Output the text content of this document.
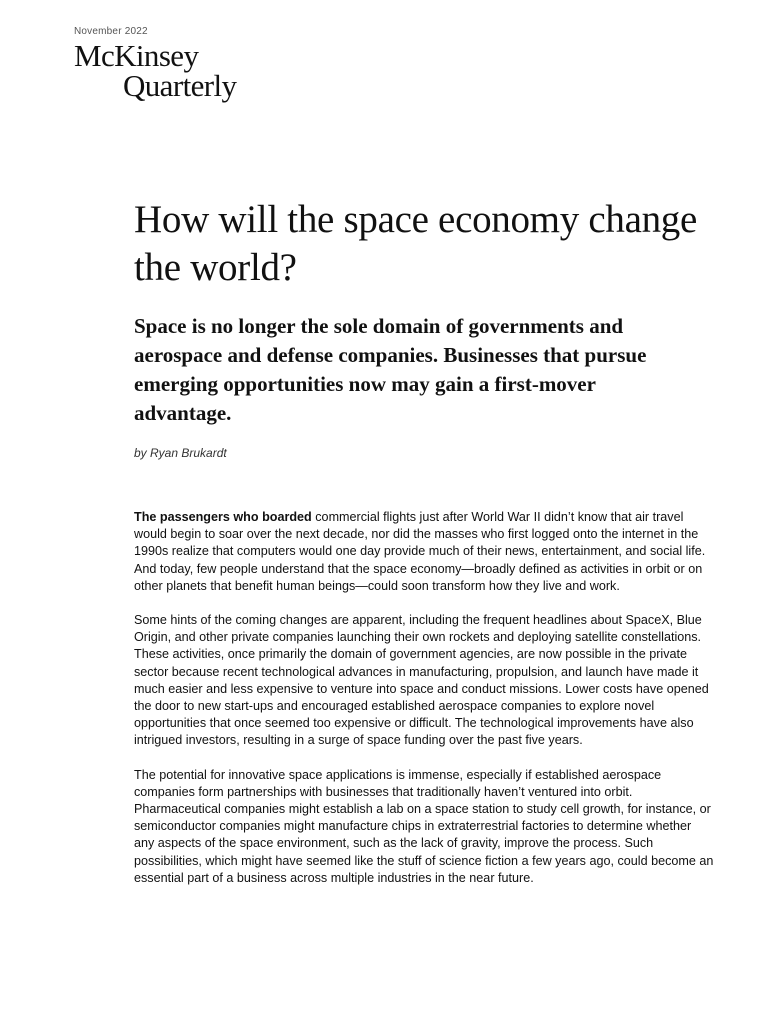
November 2022
McKinsey
Quarterly
How will the space economy change the world?

Space is no longer the sole domain of governments and aerospace and defense companies. Businesses that pursue emerging opportunities now may gain a first-mover advantage.

by Ryan Brukardt

The passengers who boarded commercial flights just after World War II didn’t know that air travel would begin to soar over the next decade, nor did the masses who first logged onto the internet in the 1990s realize that computers would one day provide much of their news, entertainment, and social life. And today, few people understand that the space economy—broadly defined as activities in orbit or on other planets that benefit human beings—could soon transform how they live and work.

Some hints of the coming changes are apparent, including the frequent headlines about SpaceX, Blue Origin, and other private companies launching their own rockets and deploying satellite constellations. These activities, once primarily the domain of government agencies, are now possible in the private sector because recent technological advances in manufacturing, propulsion, and launch have made it much easier and less expensive to venture into space and conduct missions. Lower costs have opened the door to new start-ups and encouraged established aerospace companies to explore novel opportunities that once seemed too expensive or difficult. The technological improvements have also intrigued investors, resulting in a surge of space funding over the past five years.

The potential for innovative space applications is immense, especially if established aerospace companies form partnerships with businesses that traditionally haven’t ventured into orbit. Pharmaceutical companies might establish a lab on a space station to study cell growth, for instance, or semiconductor companies might manufacture chips in extraterrestrial factories to determine whether any aspects of the space environment, such as the lack of gravity, improve the process. Such possibilities, which might have seemed like the stuff of science fiction a few years ago, could become an essential part of a business across multiple industries in the near future.
